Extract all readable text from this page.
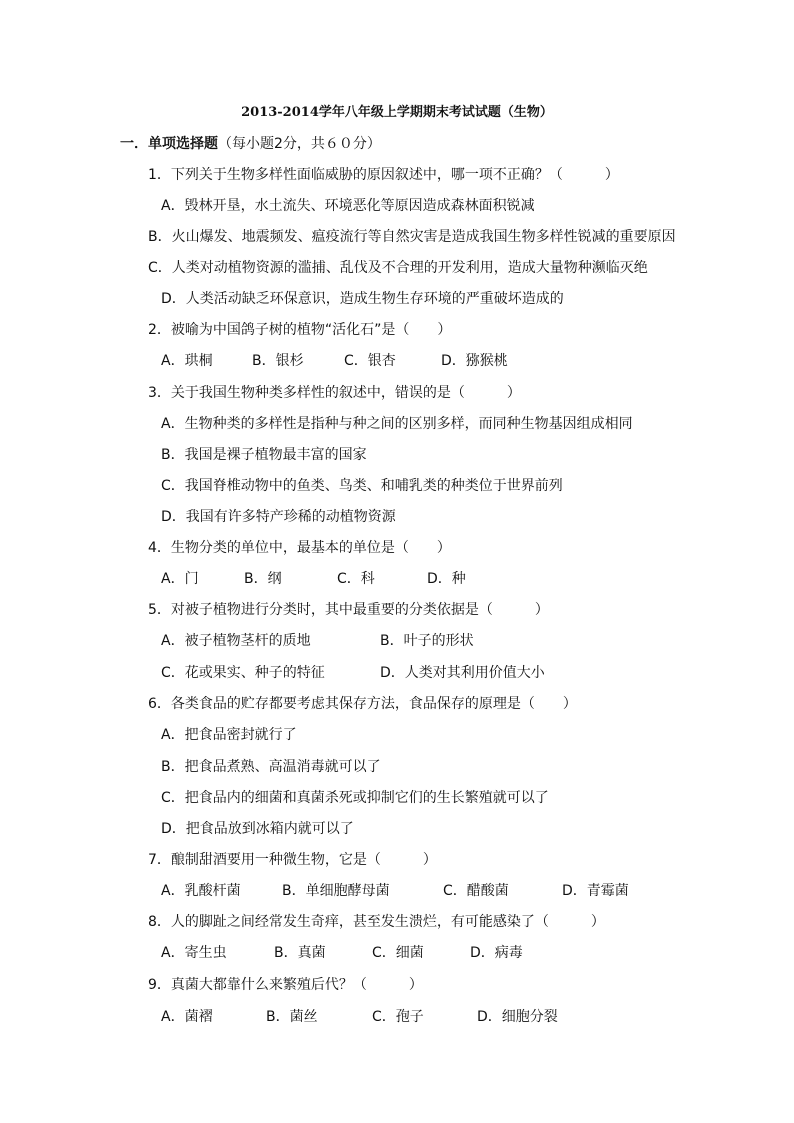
2013-2014学年八年级上学期期末考试试题（生物）
一．单项选择题（每小题2分，共６０分）
1．下列关于生物多样性面临威胁的原因叙述中，哪一项不正确？（　　　）
A．毁林开垦，水土流失、环境恶化等原因造成森林面积锐减
B．火山爆发、地震频发、瘟疫流行等自然灾害是造成我国生物多样性锐减的重要原因
C．人类对动植物资源的滥捕、乱伐及不合理的开发利用，造成大量物种濒临灭绝
D．人类活动缺乏环保意识，造成生物生存环境的严重破坏造成的
2．被喻为中国鸽子树的植物“活化石”是（　　）
A．珙桐	B．银杉	C．银杏	D．猕猴桃
3．关于我国生物种类多样性的叙述中，错误的是（　　　）
A．生物种类的多样性是指种与种之间的区别多样，而同种生物基因组成相同
B．我国是裸子植物最丰富的国家
C．我国脊椎动物中的鱼类、鸟类、和哺乳类的种类位于世界前列
D．我国有许多特产珍稀的动植物资源
4．生物分类的单位中，最基本的单位是（　　）
A．门	B．纲	C．科	D．种
5．对被子植物进行分类时，其中最重要的分类依据是（　　　）
A．被子植物茎杆的质地	B．叶子的形状
C．花或果实、种子的特征	D．人类对其利用价值大小
6．各类食品的贮存都要考虑其保存方法，食品保存的原理是（　　）
A．把食品密封就行了
B．把食品煮熟、高温消毒就可以了
C．把食品内的细菌和真菌杀死或抑制它们的生长繁殖就可以了
D．把食品放到冰箱内就可以了
7．酿制甜酒要用一种微生物，它是（　　　）
A．乳酸杆菌	B．单细胞酵母菌	C．醋酸菌	D．青霉菌
8．人的脚趾之间经常发生奇痒，甚至发生溃烂，有可能感染了（　　　）
A．寄生虫	B．真菌	C．细菌	D．病毒
9．真菌大都靠什么来繁殖后代？（　　　）
A．菌褶	B．菌丝	C．孢子	D．细胞分裂
